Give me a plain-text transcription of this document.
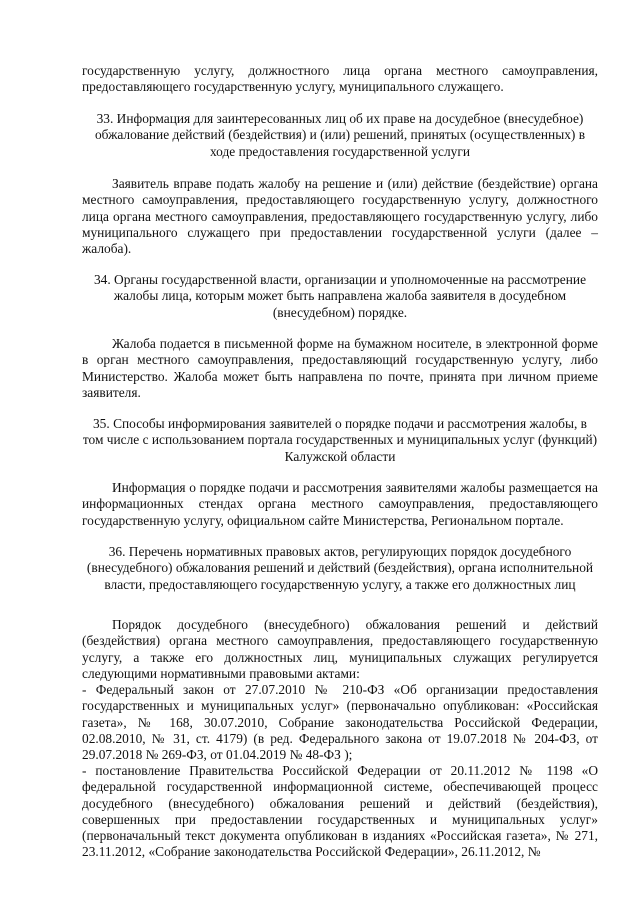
государственную услугу, должностного лица органа местного самоуправления, предоставляющего государственную услугу, муниципального служащего.

33. Информация для заинтересованных лиц об их праве на досудебное (внесудебное) обжалование действий (бездействия) и (или) решений, принятых (осуществленных) в ходе предоставления государственной услуги

Заявитель вправе подать жалобу на решение и (или) действие (бездействие) органа местного самоуправления, предоставляющего государственную услугу, должностного лица органа местного самоуправления, предоставляющего государственную услугу, либо муниципального служащего при предоставлении государственной услуги (далее – жалоба).

34. Органы государственной власти, организации и уполномоченные на рассмотрение жалобы лица, которым может быть направлена жалоба заявителя в досудебном (внесудебном) порядке.

Жалоба подается в письменной форме на бумажном носителе, в электронной форме в орган местного самоуправления, предоставляющий государственную услугу, либо Министерство. Жалоба может быть направлена по почте, принята при личном приеме заявителя.

35. Способы информирования заявителей о порядке подачи и рассмотрения жалобы, в том числе с использованием портала государственных и муниципальных услуг (функций) Калужской области

Информация о порядке подачи и рассмотрения заявителями жалобы размещается на информационных стендах органа местного самоуправления, предоставляющего государственную услугу, официальном сайте Министерства, Региональном портале.

36. Перечень нормативных правовых актов, регулирующих порядок досудебного (внесудебного) обжалования решений и действий (бездействия), органа исполнительной власти, предоставляющего государственную услугу, а также его должностных лиц

Порядок досудебного (внесудебного) обжалования решений и действий (бездействия) органа местного самоуправления, предоставляющего государственную услугу, а также его должностных лиц, муниципальных служащих регулируется следующими нормативными правовыми актами:

- Федеральный закон от 27.07.2010 № 210-ФЗ «Об организации предоставления государственных и муниципальных услуг» (первоначально опубликован: «Российская газета», № 168, 30.07.2010, Собрание законодательства Российской Федерации, 02.08.2010, № 31, ст. 4179) (в ред. Федерального закона от 19.07.2018 № 204-ФЗ, от 29.07.2018 № 269-ФЗ, от 01.04.2019 № 48-ФЗ );

- постановление Правительства Российской Федерации от 20.11.2012 № 1198 «О федеральной государственной информационной системе, обеспечивающей процесс досудебного (внесудебного) обжалования решений и действий (бездействия), совершенных при предоставлении государственных и муниципальных услуг» (первоначальный текст документа опубликован в изданиях «Российская газета», № 271, 23.11.2012, «Собрание законодательства Российской Федерации», 26.11.2012, №
